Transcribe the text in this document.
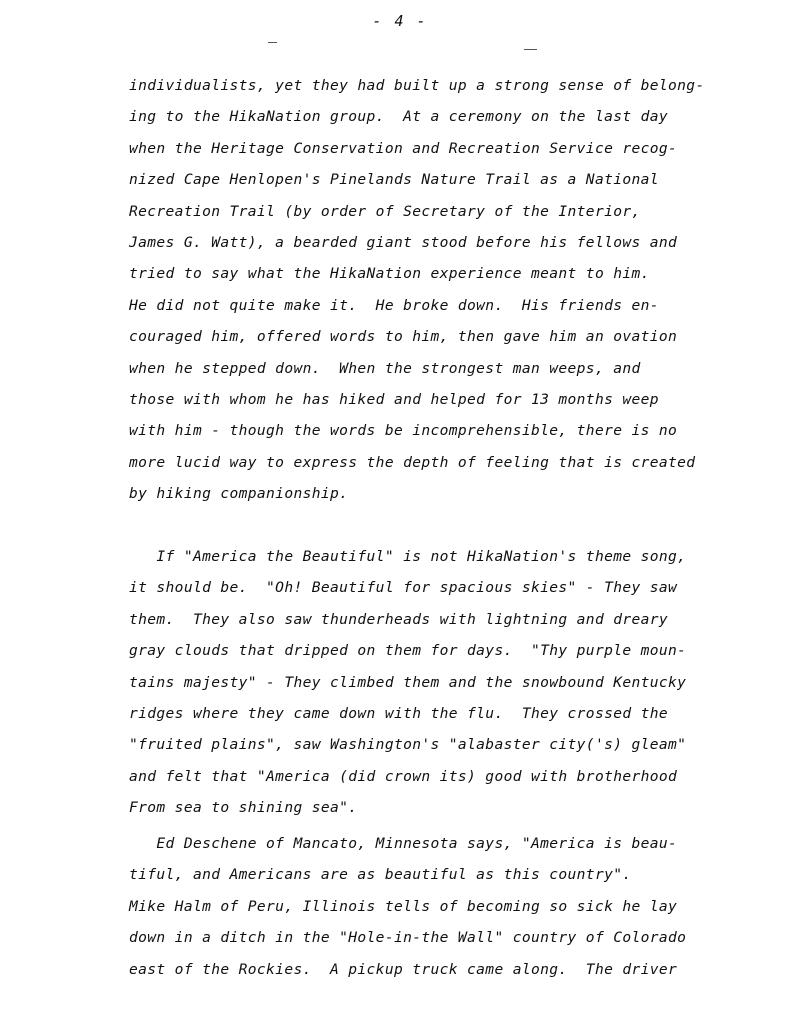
- 4 -
individualists, yet they had built up a strong sense of belong-
ing to the HikaNation group.  At a ceremony on the last day
when the Heritage Conservation and Recreation Service recog-
nized Cape Henlopen's Pinelands Nature Trail as a National
Recreation Trail (by order of Secretary of the Interior,
James G. Watt), a bearded giant stood before his fellows and
tried to say what the HikaNation experience meant to him.
He did not quite make it.  He broke down.  His friends en-
couraged him, offered words to him, then gave him an ovation
when he stepped down.  When the strongest man weeps, and
those with whom he has hiked and helped for 13 months weep
with him - though the words be incomprehensible, there is no
more lucid way to express the depth of feeling that is created
by hiking companionship.
If "America the Beautiful" is not HikaNation's theme song,
it should be.  "Oh! Beautiful for spacious skies" - They saw
them.  They also saw thunderheads with lightning and dreary
gray clouds that dripped on them for days.  "Thy purple moun-
tains majesty" - They climbed them and the snowbound Kentucky
ridges where they came down with the flu.  They crossed the
"fruited plains", saw Washington's "alabaster city('s) gleam"
and felt that "America (did crown its) good with brotherhood
From sea to shining sea".
Ed Deschene of Mancato, Minnesota says, "America is beau-
tiful, and Americans are as beautiful as this country".
Mike Halm of Peru, Illinois tells of becoming so sick he lay
down in a ditch in the "Hole-in-the Wall" country of Colorado
east of the Rockies.  A pickup truck came along.  The driver
